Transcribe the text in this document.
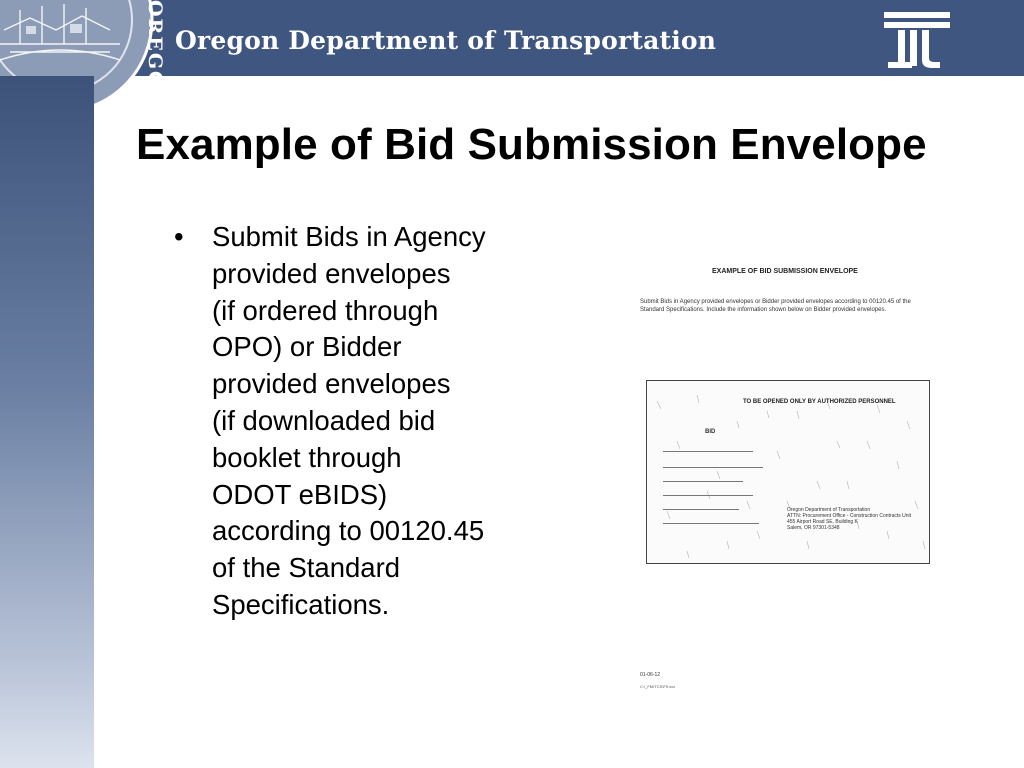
OREGON Oregon Department of Transportation
Example of Bid Submission Envelope
• Submit Bids in Agency
provided envelopes
(if ordered through
OPO) or Bidder
provided envelopes
(if downloaded bid
booklet through
ODOT eBIDS)
according to 00120.45
of the Standard
Specifications.
EXAMPLE OF BID SUBMISSION ENVELOPE
Submit Bids in Agency provided envelopes or Bidder provided envelopes according to 00120.45 of the Standard Specifications. Include the information shown below on Bidder provided envelopes.
TO BE OPENED ONLY BY AUTHORIZED PERSONNEL
BID
Oregon Department of Transportation
ATTN: Procurement Office - Construction Contracts Unit
455 Airport Road SE, Building K
Salem, OR 97301-5348
01-06-12
C:\_FM\TCS\F9.xxx
